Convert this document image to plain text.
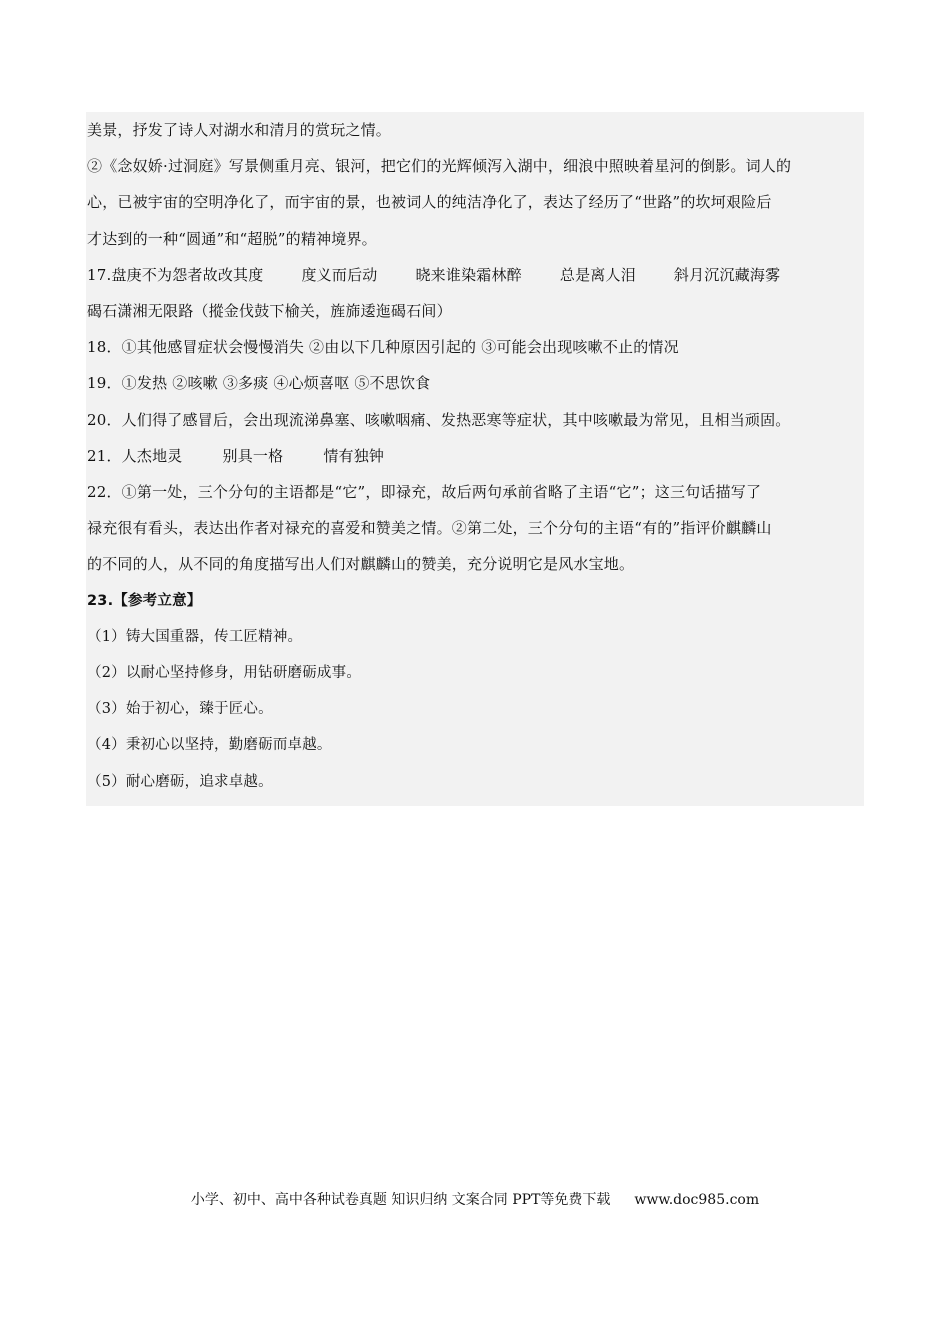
美景，抒发了诗人对湖水和清月的赏玩之情。
②《念奴娇·过洞庭》写景侧重月亮、银河，把它们的光辉倾泻入湖中，细浪中照映着星河的倒影。词人的
心，已被宇宙的空明净化了，而宇宙的景，也被词人的纯洁净化了，表达了经历了“世路”的坎坷艰险后
才达到的一种“圆通”和“超脱”的精神境界。
17.盘庚不为怨者故改其度	度义而后动	晓来谁染霜林醉	总是离人泪	斜月沉沉藏海雾
碣石潇湘无限路（摐金伐鼓下榆关，旌旆逶迤碣石间）
18．①其他感冒症状会慢慢消失 ②由以下几种原因引起的 ③可能会出现咳嗽不止的情况
19．①发热 ②咳嗽 ③多痰 ④心烦喜呕 ⑤不思饮食
20．人们得了感冒后，会出现流涕鼻塞、咳嗽咽痛、发热恶寒等症状，其中咳嗽最为常见，且相当顽固。
21．人杰地灵	别具一格	情有独钟
22．①第一处，三个分句的主语都是“它”，即禄充，故后两句承前省略了主语“它”；这三句话描写了
禄充很有看头，表达出作者对禄充的喜爱和赞美之情。②第二处，三个分句的主语“有的”指评价麒麟山
的不同的人，从不同的角度描写出人们对麒麟山的赞美，充分说明它是风水宝地。
23.【参考立意】
（1）铸大国重器，传工匠精神。
（2）以耐心坚持修身，用钻研磨砺成事。
（3）始于初心，臻于匠心。
（4）秉初心以坚持，勤磨砺而卓越。
（5）耐心磨砺，追求卓越。
小学、初中、高中各种试卷真题 知识归纳 文案合同 PPT等免费下载 www.doc985.com
